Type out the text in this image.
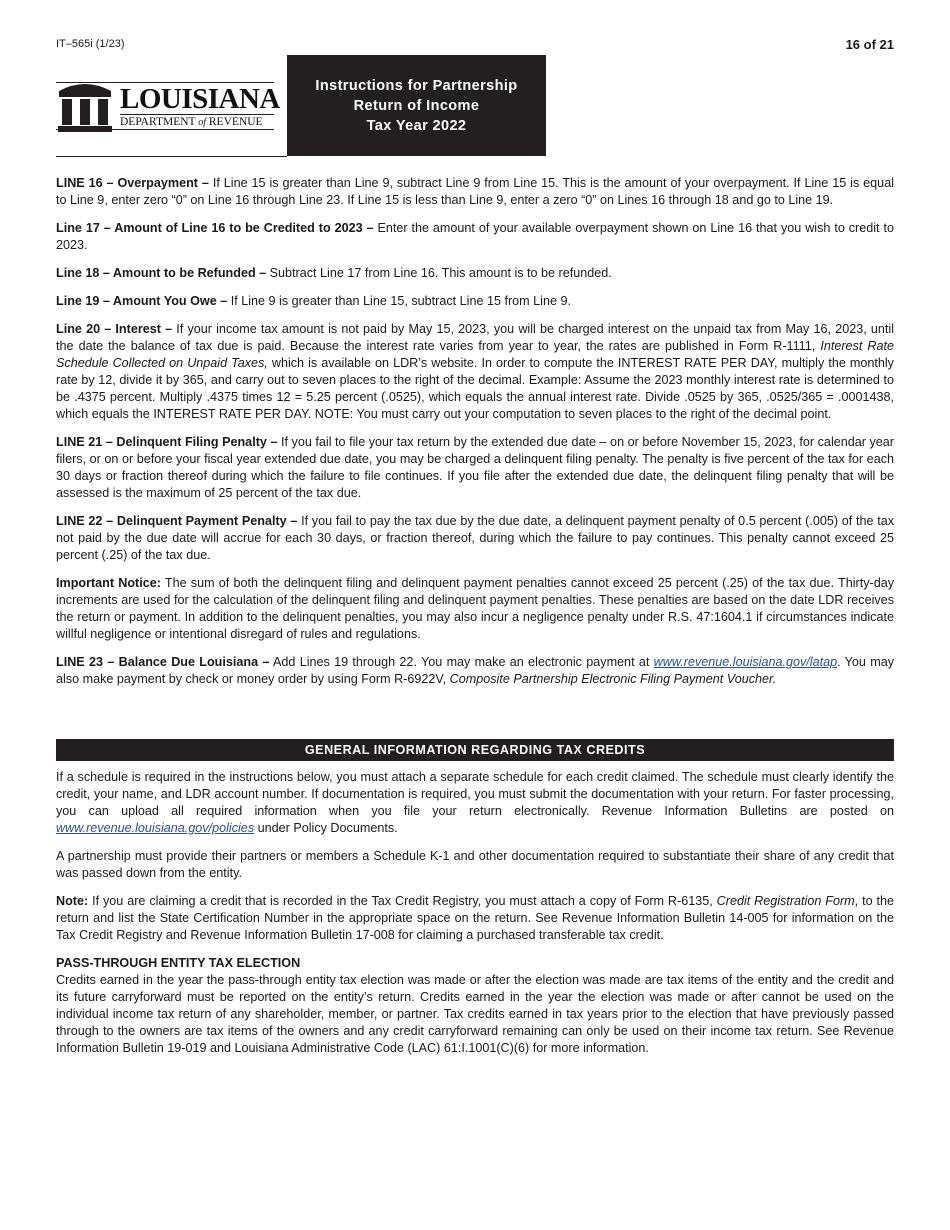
IT–565i (1/23)	16 of 21
LOUISIANA
DEPARTMENT of REVENUE
Instructions for Partnership
Return of Income
Tax Year 2022

LINE 16 – Overpayment – If Line 15 is greater than Line 9, subtract Line 9 from Line 15. This is the amount of your overpayment. If Line 15 is equal to Line 9, enter zero “0” on Line 16 through Line 23. If Line 15 is less than Line 9, enter a zero “0” on Lines 16 through 18 and go to Line 19.

Line 17 – Amount of Line 16 to be Credited to 2023 – Enter the amount of your available overpayment shown on Line 16 that you wish to credit to 2023.

Line 18 – Amount to be Refunded – Subtract Line 17 from Line 16. This amount is to be refunded.

Line 19 – Amount You Owe – If Line 9 is greater than Line 15, subtract Line 15 from Line 9.

Line 20 – Interest – If your income tax amount is not paid by May 15, 2023, you will be charged interest on the unpaid tax from May 16, 2023, until the date the balance of tax due is paid. Because the interest rate varies from year to year, the rates are published in Form R-1111, Interest Rate Schedule Collected on Unpaid Taxes, which is available on LDR’s website. In order to compute the INTEREST RATE PER DAY, multiply the monthly rate by 12, divide it by 365, and carry out to seven places to the right of the decimal. Example: Assume the 2023 monthly interest rate is determined to be .4375 percent. Multiply .4375 times 12 = 5.25 percent (.0525), which equals the annual interest rate. Divide .0525 by 365, .0525/365 = .0001438, which equals the INTEREST RATE PER DAY. NOTE: You must carry out your computation to seven places to the right of the decimal point.

LINE 21 – Delinquent Filing Penalty – If you fail to file your tax return by the extended due date – on or before November 15, 2023, for calendar year filers, or on or before your fiscal year extended due date, you may be charged a delinquent filing penalty. The penalty is five percent of the tax for each 30 days or fraction thereof during which the failure to file continues. If you file after the extended due date, the delinquent filing penalty that will be assessed is the maximum of 25 percent of the tax due.

LINE 22 – Delinquent Payment Penalty – If you fail to pay the tax due by the due date, a delinquent payment penalty of 0.5 percent (.005) of the tax not paid by the due date will accrue for each 30 days, or fraction thereof, during which the failure to pay continues. This penalty cannot exceed 25 percent (.25) of the tax due.

Important Notice: The sum of both the delinquent filing and delinquent payment penalties cannot exceed 25 percent (.25) of the tax due. Thirty-day increments are used for the calculation of the delinquent filing and delinquent payment penalties. These penalties are based on the date LDR receives the return or payment. In addition to the delinquent penalties, you may also incur a negligence penalty under R.S. 47:1604.1 if circumstances indicate willful negligence or intentional disregard of rules and regulations.

LINE 23 – Balance Due Louisiana – Add Lines 19 through 22. You may make an electronic payment at www.revenue.louisiana.gov/latap. You may also make payment by check or money order by using Form R-6922V, Composite Partnership Electronic Filing Payment Voucher.

GENERAL INFORMATION REGARDING TAX CREDITS

If a schedule is required in the instructions below, you must attach a separate schedule for each credit claimed. The schedule must clearly identify the credit, your name, and LDR account number. If documentation is required, you must submit the documentation with your return. For faster processing, you can upload all required information when you file your return electronically. Revenue Information Bulletins are posted on www.revenue.louisiana.gov/policies under Policy Documents.

A partnership must provide their partners or members a Schedule K-1 and other documentation required to substantiate their share of any credit that was passed down from the entity.

Note: If you are claiming a credit that is recorded in the Tax Credit Registry, you must attach a copy of Form R-6135, Credit Registration Form, to the return and list the State Certification Number in the appropriate space on the return. See Revenue Information Bulletin 14-005 for information on the Tax Credit Registry and Revenue Information Bulletin 17-008 for claiming a purchased transferable tax credit.

PASS-THROUGH ENTITY TAX ELECTION

Credits earned in the year the pass-through entity tax election was made or after the election was made are tax items of the entity and the credit and its future carryforward must be reported on the entity’s return. Credits earned in the year the election was made or after cannot be used on the individual income tax return of any shareholder, member, or partner. Tax credits earned in tax years prior to the election that have previously passed through to the owners are tax items of the owners and any credit carryforward remaining can only be used on their income tax return. See Revenue Information Bulletin 19-019 and Louisiana Administrative Code (LAC) 61:I.1001(C)(6) for more information.
